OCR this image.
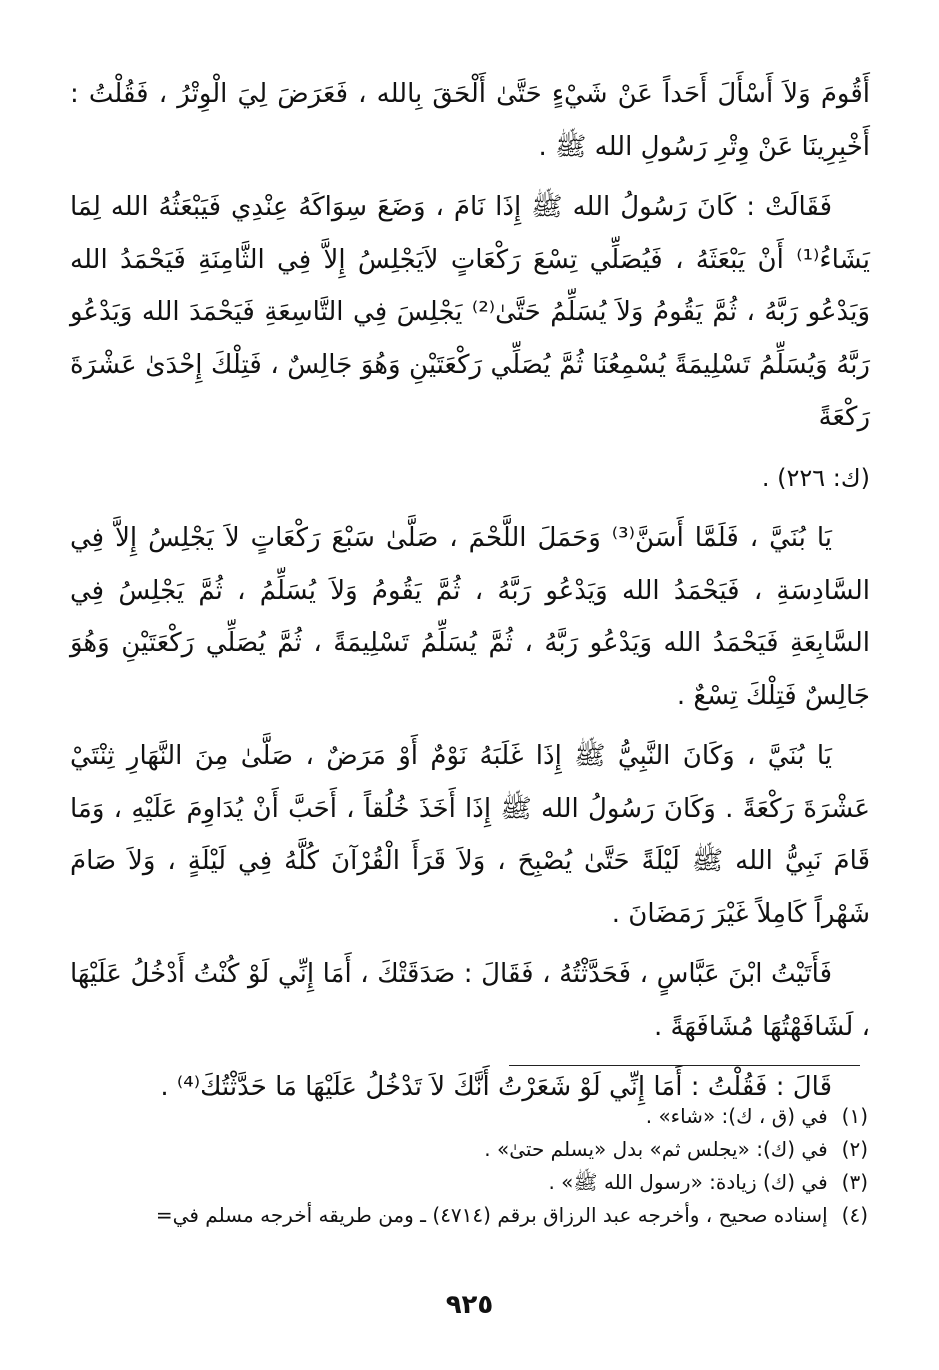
أَقُومَ وَلاَ أَسْأَلَ أَحَداً عَنْ شَيْءٍ حَتَّىٰ أَلْحَقَ بِالله ، فَعَرَضَ لِيَ الْوِتْرُ ، فَقُلْتُ : أَخْبِرِينَا عَنْ وِتْرِ رَسُولِ الله ﷺ .

فَقَالَتْ : كَانَ رَسُولُ الله ﷺ إِذَا نَامَ ، وَضَعَ سِوَاكَهُ عِنْدِي فَيَبْعَثُهُ الله لِمَا يَشَاءُ⁽¹⁾ أَنْ يَبْعَثَهُ ، فَيُصَلِّي تِسْعَ رَكْعَاتٍ لاَيَجْلِسُ إِلاَّ فِي الثَّامِنَةِ فَيَحْمَدُ الله وَيَدْعُو رَبَّهُ ، ثُمَّ يَقُومُ وَلاَ يُسَلِّمُ حَتَّىٰ⁽²⁾ يَجْلِسَ فِي التَّاسِعَةِ فَيَحْمَدَ الله وَيَدْعُو رَبَّهُ وَيُسَلِّمُ تَسْلِيمَةً يُسْمِعُنَا ثُمَّ يُصَلِّي رَكْعَتَيْنِ وَهُوَ جَالِسٌ ، فَتِلْكَ إِحْدَىٰ عَشْرَةَ رَكْعَةً

(ك: ٢٢٦) .

يَا بُنَيَّ ، فَلَمَّا أَسَنَّ⁽³⁾ وَحَمَلَ اللَّحْمَ ، صَلَّىٰ سَبْعَ رَكْعَاتٍ لاَ يَجْلِسُ إِلاَّ فِي السَّادِسَةِ ، فَيَحْمَدُ الله وَيَدْعُو رَبَّهُ ، ثُمَّ يَقُومُ وَلاَ يُسَلِّمُ ، ثُمَّ يَجْلِسُ فِي السَّابِعَةِ فَيَحْمَدُ الله وَيَدْعُو رَبَّهُ ، ثُمَّ يُسَلِّمُ تَسْلِيمَةً ، ثُمَّ يُصَلِّي رَكْعَتَيْنِ وَهُوَ جَالِسٌ فَتِلْكَ تِسْعٌ .

يَا بُنَيَّ ، وَكَانَ النَّبِيُّ ﷺ إِذَا غَلَبَهُ نَوْمٌ أَوْ مَرَضٌ ، صَلَّىٰ مِنَ النَّهَارِ ثِنْتَيْ عَشْرَةَ رَكْعَةً . وَكَانَ رَسُولُ الله ﷺ إِذَا أَخَذَ خُلُقاً ، أَحَبَّ أَنْ يُدَاوِمَ عَلَيْهِ ، وَمَا قَامَ نَبِيُّ الله ﷺ لَيْلَةً حَتَّىٰ يُصْبِحَ ، وَلاَ قَرَأَ الْقُرْآنَ كُلَّهُ فِي لَيْلَةٍ ، وَلاَ صَامَ شَهْراً كَامِلاً غَيْرَ رَمَضَانَ .

فَأَتَيْتُ ابْنَ عَبَّاسٍ ، فَحَدَّثْتُهُ ، فَقَالَ : صَدَقَتْكَ ، أَمَا إِنِّي لَوْ كُنْتُ أَدْخُلُ عَلَيْهَا ، لَشَافَهْتُهَا مُشَافَهَةً .

قَالَ : فَقُلْتُ : أَمَا إِنِّي لَوْ شَعَرْتُ أَنَّكَ لاَ تَدْخُلُ عَلَيْهَا مَا حَدَّثْتُكَ⁽⁴⁾ .

(١) في (ق ، ك): «شاء» .

(٢) في (ك): «يجلس ثم» بدل «يسلم حتىٰ» .

(٣) في (ك) زيادة: «رسول الله ﷺ» .

(٤) إسناده صحيح ، وأخرجه عبد الرزاق برقم (٤٧١٤) ـ ومن طريقه أخرجه مسلم في=

٩٢٥
